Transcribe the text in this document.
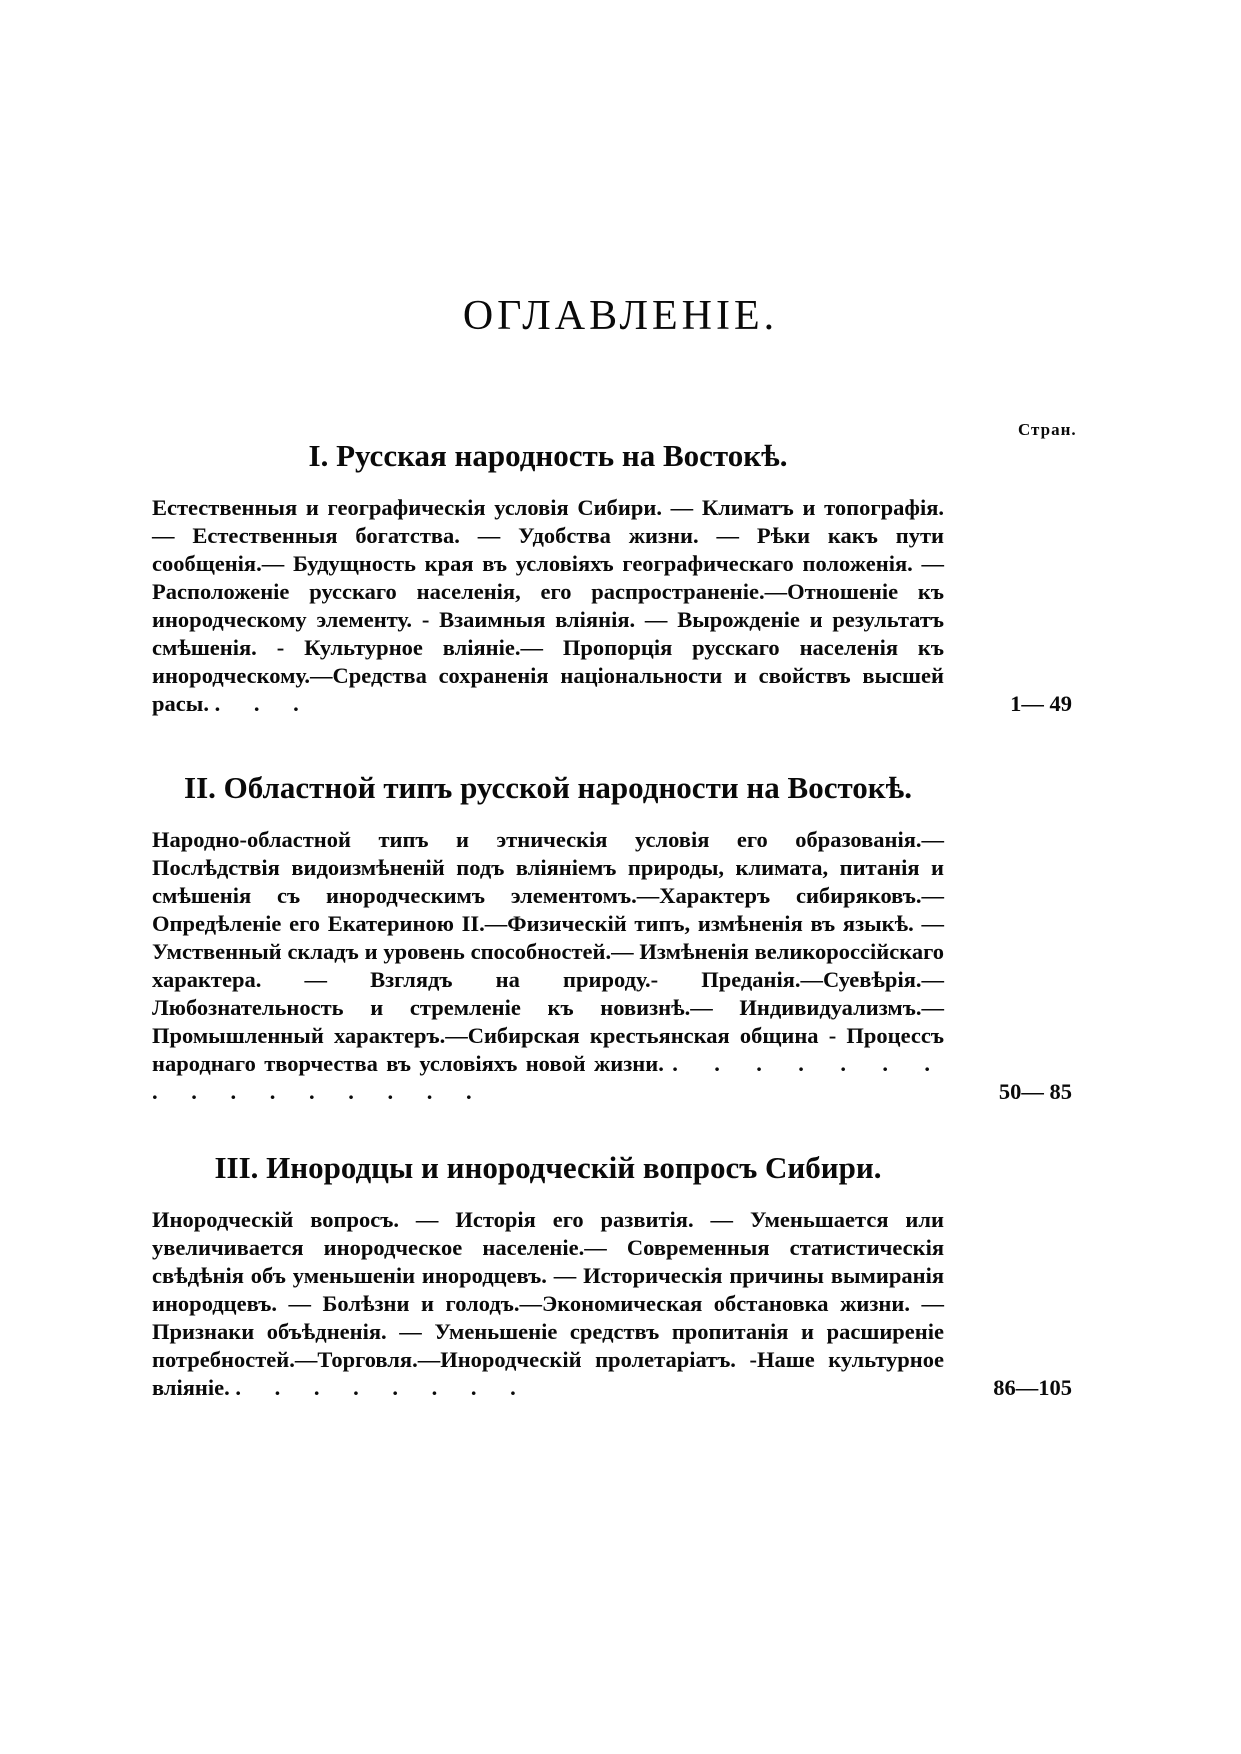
ОГЛАВЛЕНІЕ.
Стран.
I. Русская народность на Востокѣ.

Естественныя и географическія условія Сибири. — Климатъ и топографія. — Естественныя богатства. — Удобства жизни. — Рѣки какъ пути сообщенія.— Будущность края въ условіяхъ географическаго положенія. — Расположеніе русскаго населенія, его распространеніе.—Отношеніе къ инородческому элементу. - Взаимныя вліянія. — Вырожденіе и результатъ смѣшенія. - Культурное вліяніе.— Пропорція русскаго населенія къ инородческому.—Средства сохраненія національности и свойствъ высшей расы. . . .	1— 49
II. Областной типъ русской народности на Востокѣ.

Народно-областной типъ и этническія условія его образованія.— Послѣдствія видоизмѣненій подъ вліяніемъ природы, климата, питанія и смѣшенія съ инородческимъ элементомъ.—Характеръ сибиряковъ.—Опредѣленіе его Екатериною II.—Физическій типъ, измѣненія въ языкѣ. — Умственный складъ и уровень способностей.— Измѣненія великороссійскаго характера. — Взглядъ на природу.- Преданія.—Суевѣрія.—Любознательность и стремленіе къ новизнѣ.— Индивидуализмъ.—Промышленный характеръ.—Сибирская крестьянская община - Процессъ народнаго творчества въ условіяхъ новой жизни. . . . . . . . . . . . . . . . .	50— 85
III. Инородцы и инородческій вопросъ Сибири.

Инородческій вопросъ. — Исторія его развитія. — Уменьшается или увеличивается инородческое населеніе.— Современныя статистическія свѣдѣнія объ уменьшеніи инородцевъ. — Историческія причины вымиранія инородцевъ. — Болѣзни и голодъ.—Экономическая обстановка жизни. — Признаки объѣдненія. — Уменьшеніе средствъ пропитанія и расширеніе потребностей.—Торговля.—Инородческій пролетаріатъ. -Наше культурное вліяніе. . . . . . . . .	86—105
